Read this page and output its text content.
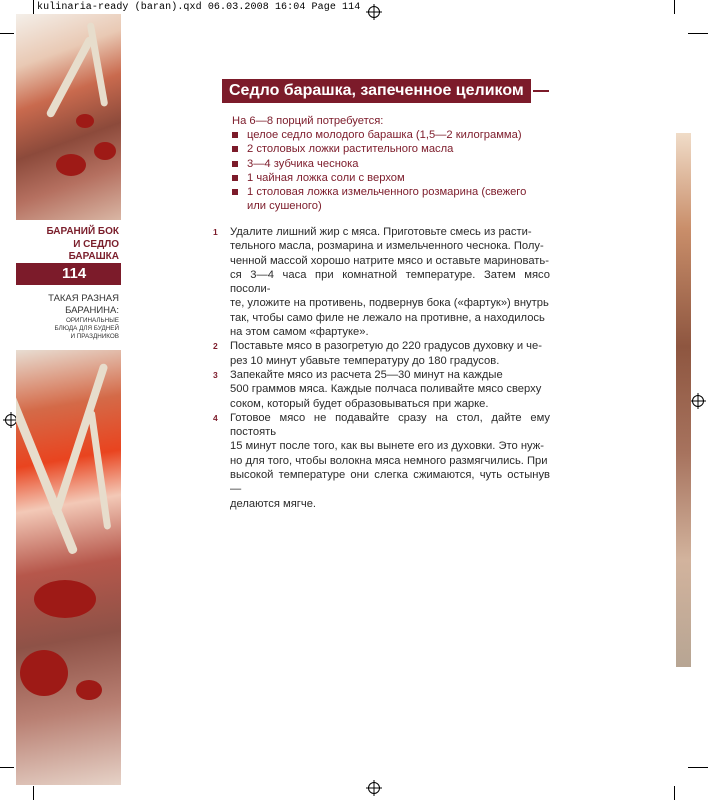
kulinaria-ready (baran).qxd 06.03.2008 16:04 Page 114
БАРАНИЙ БОК
И СЕДЛО
БАРАШКА
114
ТАКАЯ РАЗНАЯ
БАРАНИНА:
ОРИГИНАЛЬНЫЕ
БЛЮДА ДЛЯ БУДНЕЙ
И ПРАЗДНИКОВ
Седло барашка, запеченное целиком
На 6—8 порций потребуется:
целое седло молодого барашка (1,5—2 килограмма)
2 столовых ложки растительного масла
3—4 зубчика чеснока
1 чайная ложка соли с верхом
1 столовая ложка измельченного розмарина (свежего или сушеного)
1 Удалите лишний жир с мяса. Приготовьте смесь из расти-
тельного масла, розмарина и измельченного чеснока. Полу-
ченной массой хорошо натрите мясо и оставьте мариновать-
ся 3—4 часа при комнатной температуре. Затем мясо посоли-
те, уложите на противень, подвернув бока («фартук») внутрь
так, чтобы само филе не лежало на противне, а находилось
на этом самом «фартуке».
2 Поставьте мясо в разогретую до 220 градусов духовку и че-
рез 10 минут убавьте температуру до 180 градусов.
3 Запекайте мясо из расчета 25—30 минут на каждые
500 граммов мяса. Каждые полчаса поливайте мясо сверху
соком, который будет образовываться при жарке.
4 Готовое мясо не подавайте сразу на стол, дайте ему постоять
15 минут после того, как вы вынете его из духовки. Это нуж-
но для того, чтобы волокна мяса немного размягчились. При
высокой температуре они слегка сжимаются, чуть остынув —
делаются мягче.
